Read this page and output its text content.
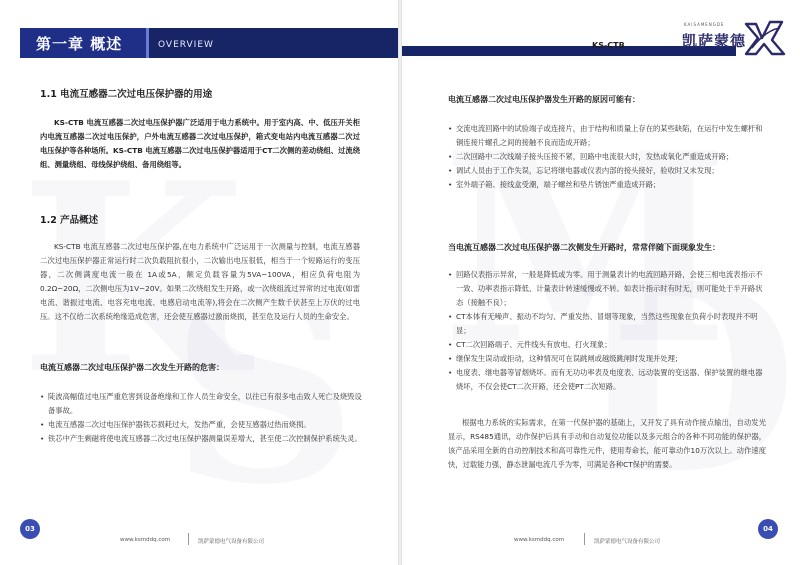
第一章 概述	OVERVIEW
1.1 电流互感器二次过电压保护器的用途
KS-CTB 电流互感器二次过电压保护器广泛适用于电力系统中。用于室内高、中、低压开关柜内电流互感器二次过电压保护，户外电流互感器二次过电压保护，箱式变电站内电流互感器二次过电压保护等各种场所。KS-CTB 电流互感器二次过电压保护器适用于CT二次侧的差动绕组、过流绕组、测量绕组、母线保护绕组、备用绕组等。
1.2 产品概述
KS-CTB 电流互感器二次过电压保护器,在电力系统中广泛运用于一次测量与控制，电流互感器二次过电压保护器正常运行时二次负载阻抗很小，二次输出电压很低，相当于一个短路运行的变压器，二次侧满度电流一般在 1A或5A，额定负载容量为5VA~100VA，相应负荷电阻为0.2Ω~20Ω，二次侧电压为1V~20V。如果二次绕组发生开路，或一次绕组流过异常的过电流(如雷电流、谐振过电流、电容充电电流、电感启动电流等),将会在二次侧产生数千伏甚至上万伏的过电压。这不仅给二次系统绝缘造成危害，还会使互感器过激而烧损，甚至危及运行人员的生命安全。
电流互感器二次过电压保护器二次发生开路的危害：
• 陡波高幅值过电压严重危害到设备绝缘和工作人员生命安全，以往已有很多电击致人死亡及烧毁设备事故。
• 电流互感器二次过电压保护器铁芯损耗过大，发热严重，会使互感器过热而烧损。
• 铁芯中产生剩磁将使电流互感器二次过电压保护器测量误差增大，甚至使二次控制保护系统失灵。
03
www.ksmddq.com	凯萨蒙德电气设备有限公司
KS-CTB
KAISAMENGDE
凯萨蒙德
电流互感器二次过电压保护器发生开路的原因可能有：
• 交流电流回路中的试验端子或连接片，由于结构和质量上存在的某些缺陷，在运行中发生螺杆和铜连接片螺孔之间的接触不良而造成开路；
• 二次回路中二次线端子接头压接不紧，回路中电流很大时，发热或氧化严重造成开路；
• 调试人员由于工作失误，忘记将继电器或仪表内部的接头接好，验收时又未发现；
• 室外端子箱、接线盒受潮，端子螺丝和垫片锈蚀严重造成开路；
当电流互感器二次过电压保护器二次侧发生开路时，常常伴随下面现象发生：
• 回路仪表指示异常，一般是降低或为零。用于测量表计的电流回路开路，会使三相电流表指示不一致、功率表指示降低、计量表计转速缓慢或不转。如表计指示时有时无，则可能处于半开路状态（接触不良）；
• CT本体有无噪声、振动不均匀、严重发热、冒烟等现象，当然这些现象在负荷小时表现并不明显；
• CT二次回路端子、元件线头有放电、打火现象；
• 继保发生误动或拒动，这种情况可在误跳闸或越级跳闸时发现并处理；
• 电度表、继电器等冒烟烧坏。而有无功功率表及电度表、远动装置的变送器、保护装置的继电器烧坏，不仅会使CT二次开路，还会使PT二次短路。
根据电力系统的实际需求，在第一代保护器的基础上，又开发了具有动作接点输出，自动发光显示，RS485通讯，动作保护后具有手动和自动复位功能以及多元组合的各种不同功能的保护器，该产品采用全新的自动控制技术和高可靠性元件，使用寿命长，能可靠动作10万次以上。动作速度快，过载能力强，静态泄漏电流几乎为零，可满足各种CT保护的需要。
www.ksmddq.com	凯萨蒙德电气设备有限公司
04
